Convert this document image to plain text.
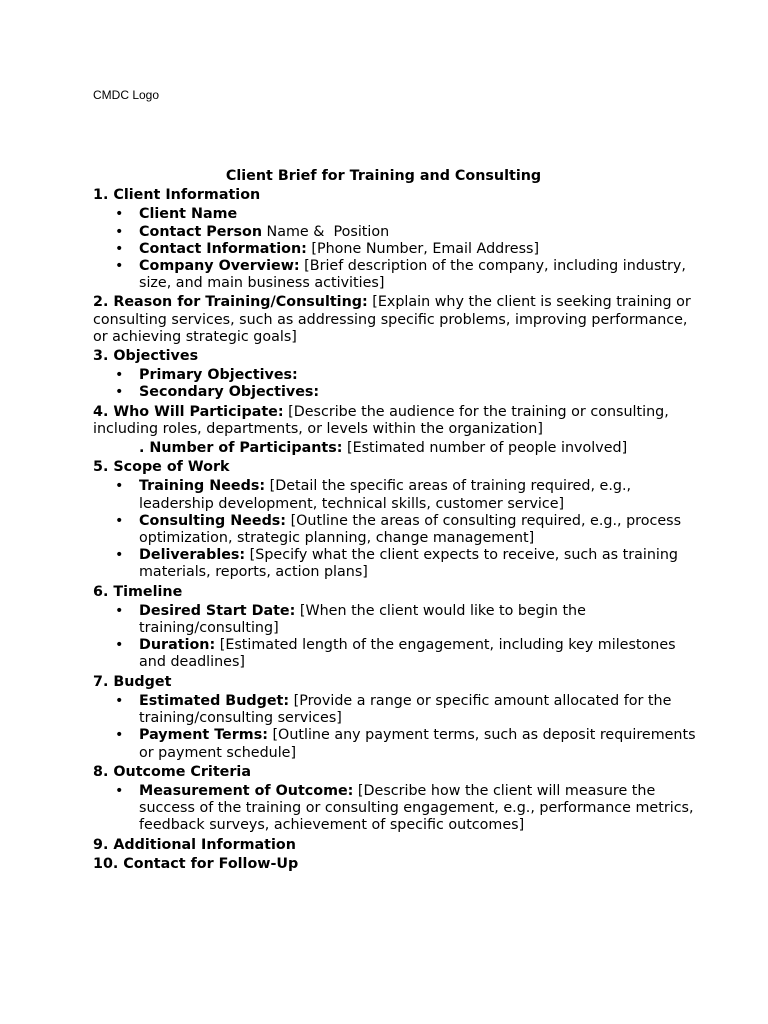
CMDC Logo
Client Brief for Training and Consulting
1. Client Information
• Client Name
• Contact Person Name &  Position
• Contact Information: [Phone Number, Email Address]
• Company Overview: [Brief description of the company, including industry, size, and main business activities]
2. Reason for Training/Consulting: [Explain why the client is seeking training or consulting services, such as addressing specific problems, improving performance, or achieving strategic goals]
3. Objectives
• Primary Objectives:
• Secondary Objectives:
4. Who Will Participate: [Describe the audience for the training or consulting, including roles, departments, or levels within the organization]
. Number of Participants: [Estimated number of people involved]
5. Scope of Work
• Training Needs: [Detail the specific areas of training required, e.g., leadership development, technical skills, customer service]
• Consulting Needs: [Outline the areas of consulting required, e.g., process optimization, strategic planning, change management]
• Deliverables: [Specify what the client expects to receive, such as training materials, reports, action plans]
6. Timeline
• Desired Start Date: [When the client would like to begin the training/consulting]
• Duration: [Estimated length of the engagement, including key milestones and deadlines]
7. Budget
• Estimated Budget: [Provide a range or specific amount allocated for the training/consulting services]
• Payment Terms: [Outline any payment terms, such as deposit requirements or payment schedule]
8. Outcome Criteria
• Measurement of Outcome: [Describe how the client will measure the success of the training or consulting engagement, e.g., performance metrics, feedback surveys, achievement of specific outcomes]
9. Additional Information
10. Contact for Follow-Up
